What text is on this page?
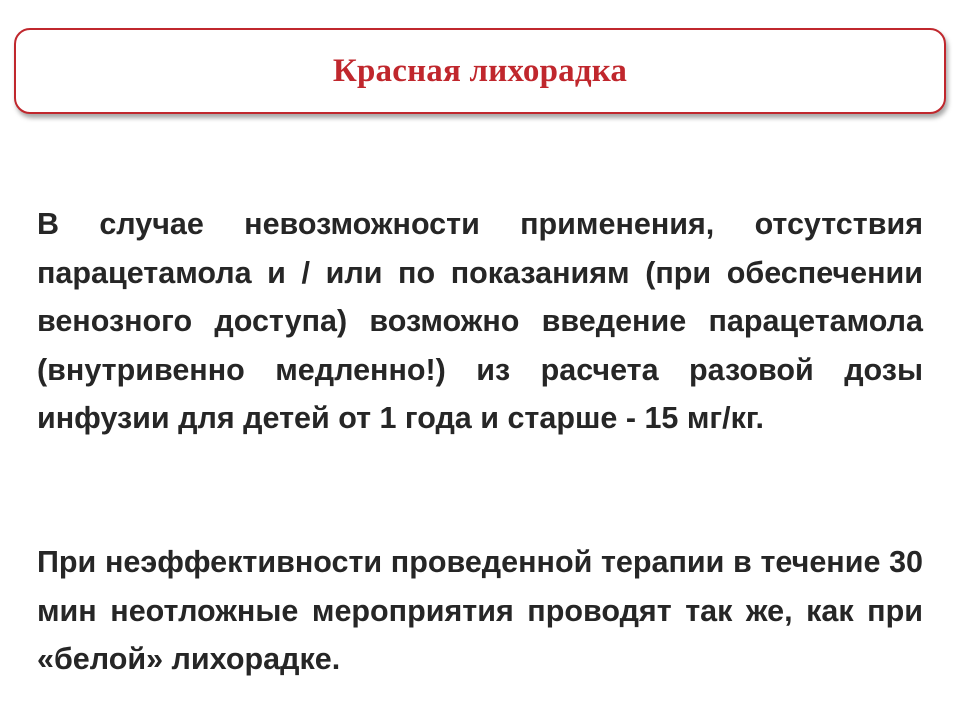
Красная лихорадка

В случае невозможности применения, отсутствия парацетамола и / или по показаниям (при обеспечении венозного доступа) возможно введение парацетамола (внутривенно медленно!) из расчета разовой дозы инфузии для детей от 1 года и старше - 15 мг/кг.

При неэффективности проведенной терапии в течение 30 мин неотложные мероприятия проводят так же, как при «белой» лихорадке.
